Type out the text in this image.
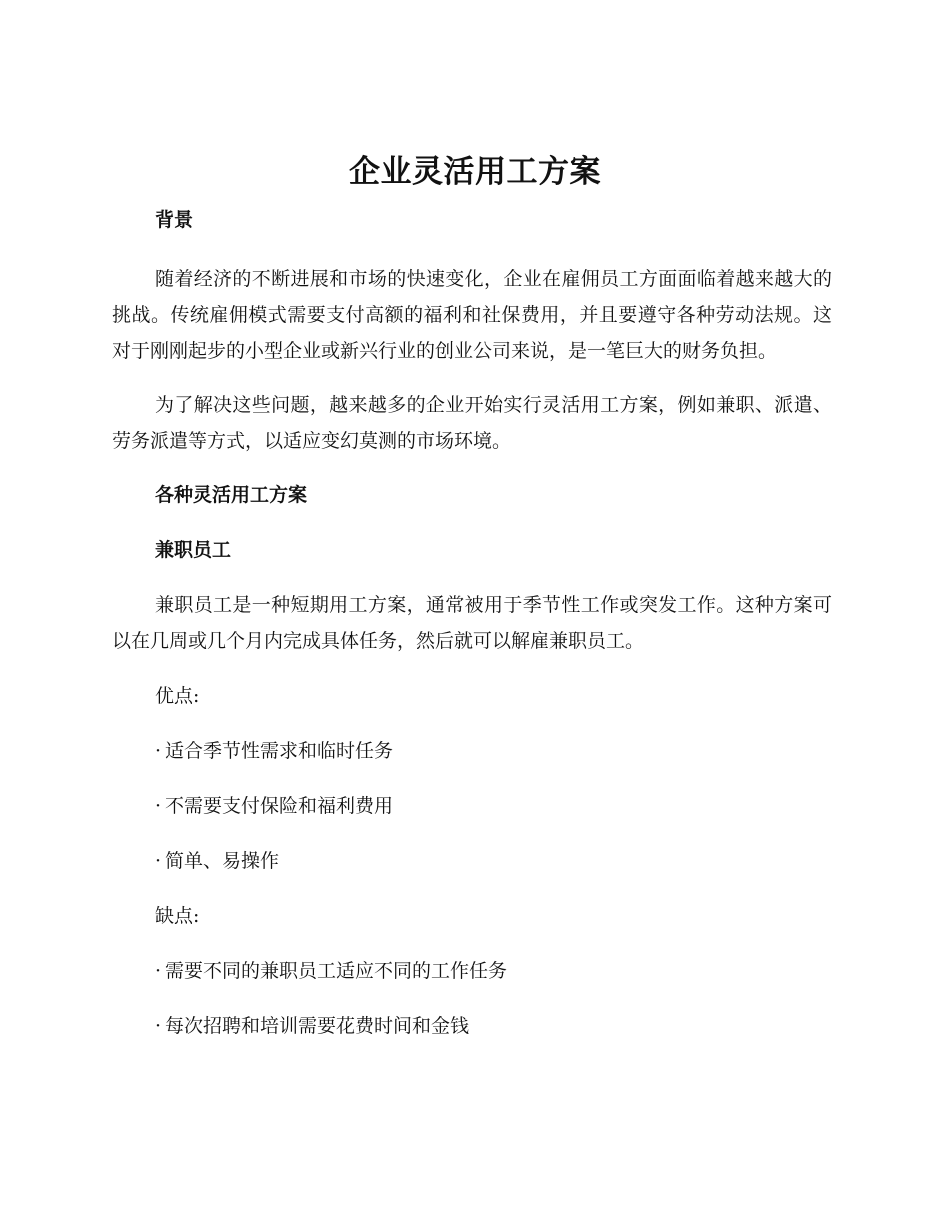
企业灵活用工方案

背景

随着经济的不断进展和市场的快速变化，企业在雇佣员工方面面临着越来越大的挑战。传统雇佣模式需要支付高额的福利和社保费用，并且要遵守各种劳动法规。这对于刚刚起步的小型企业或新兴行业的创业公司来说，是一笔巨大的财务负担。

为了解决这些问题，越来越多的企业开始实行灵活用工方案，例如兼职、派遣、劳务派遣等方式，以适应变幻莫测的市场环境。

各种灵活用工方案

兼职员工

兼职员工是一种短期用工方案，通常被用于季节性工作或突发工作。这种方案可以在几周或几个月内完成具体任务，然后就可以解雇兼职员工。

优点:

· 适合季节性需求和临时任务

· 不需要支付保险和福利费用

· 简单、易操作

缺点:

· 需要不同的兼职员工适应不同的工作任务

· 每次招聘和培训需要花费时间和金钱
